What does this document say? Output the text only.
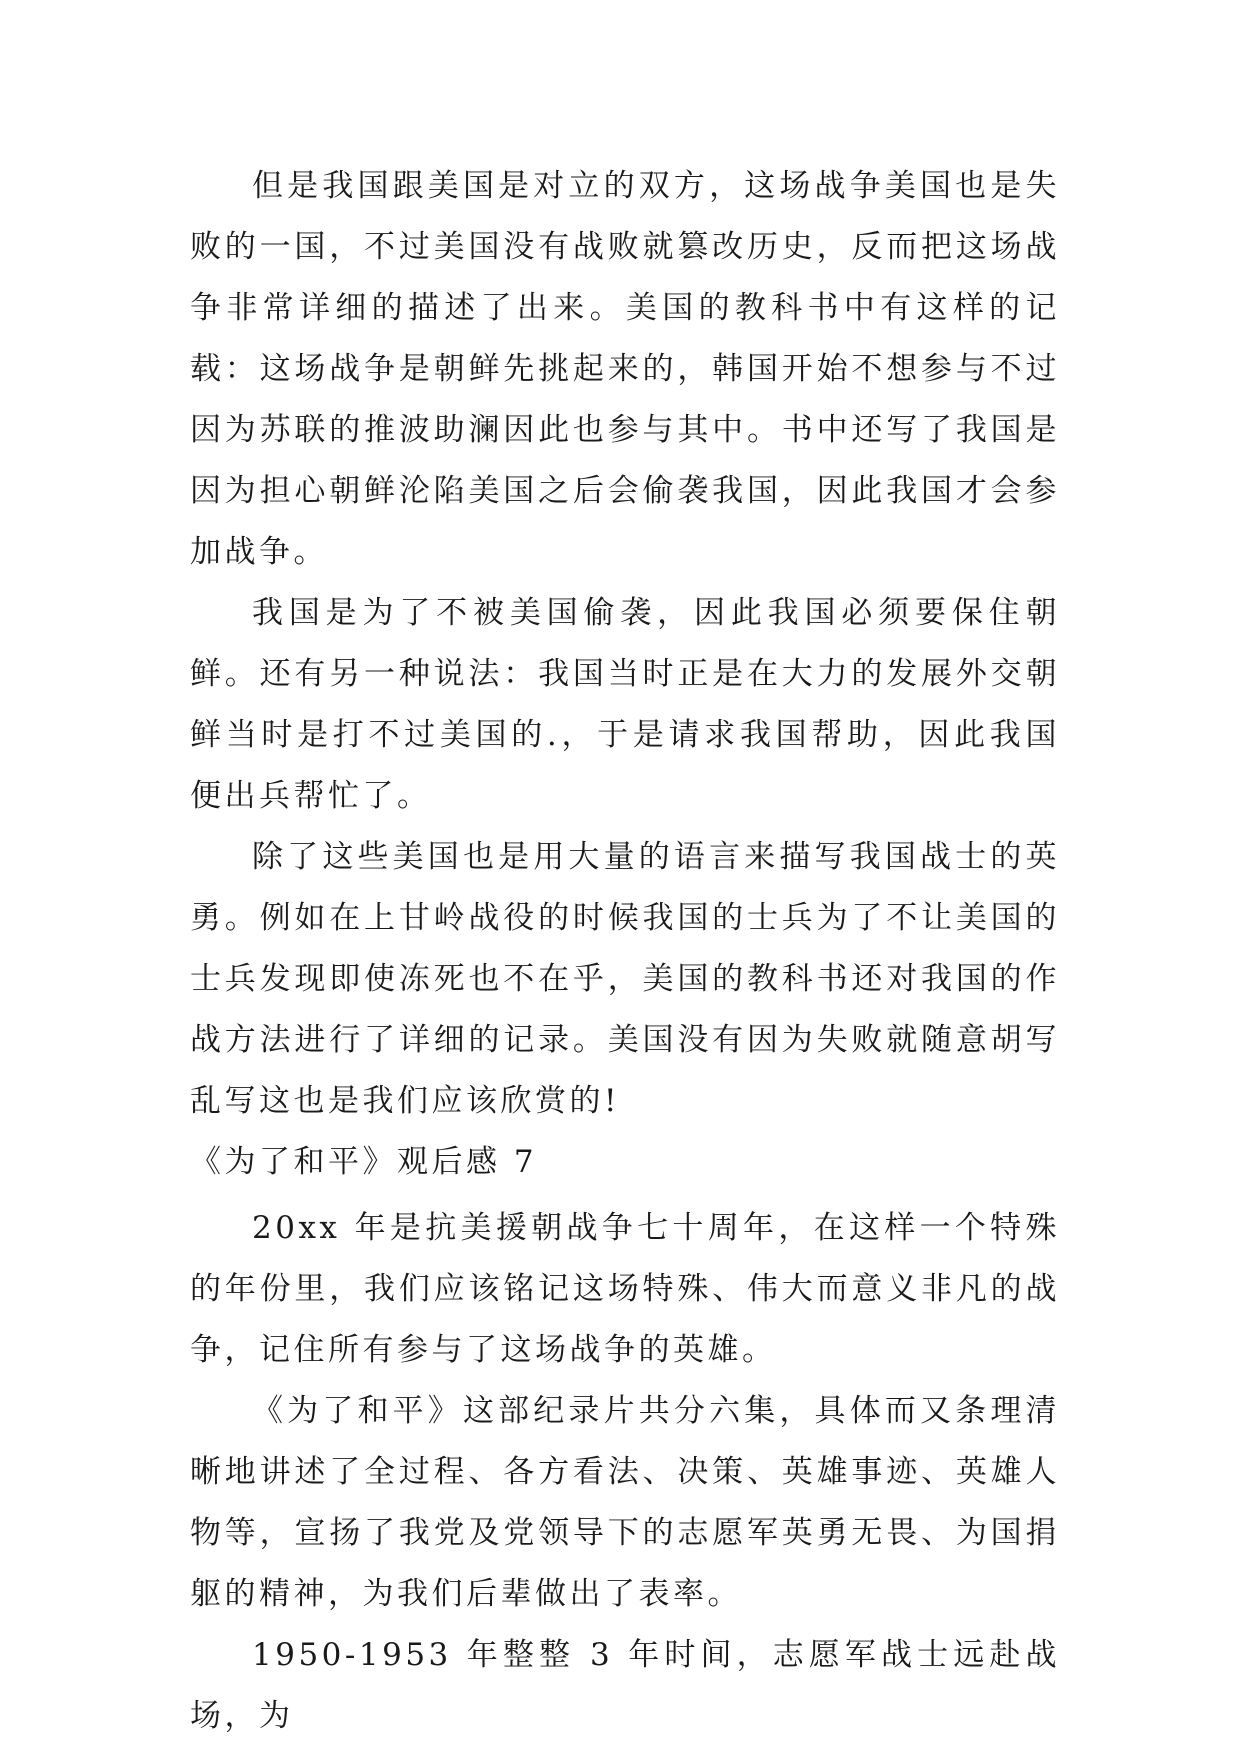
但是我国跟美国是对立的双方，这场战争美国也是失败的一国，不过美国没有战败就篡改历史，反而把这场战争非常详细的描述了出来。美国的教科书中有这样的记载：这场战争是朝鲜先挑起来的，韩国开始不想参与不过因为苏联的推波助澜因此也参与其中。书中还写了我国是因为担心朝鲜沦陷美国之后会偷袭我国，因此我国才会参加战争。

我国是为了不被美国偷袭，因此我国必须要保住朝鲜。还有另一种说法：我国当时正是在大力的发展外交朝鲜当时是打不过美国的.，于是请求我国帮助，因此我国便出兵帮忙了。

除了这些美国也是用大量的语言来描写我国战士的英勇。例如在上甘岭战役的时候我国的士兵为了不让美国的士兵发现即使冻死也不在乎，美国的教科书还对我国的作战方法进行了详细的记录。美国没有因为失败就随意胡写乱写这也是我们应该欣赏的!

《为了和平》观后感 7

20xx 年是抗美援朝战争七十周年，在这样一个特殊的年份里，我们应该铭记这场特殊、伟大而意义非凡的战争，记住所有参与了这场战争的英雄。

《为了和平》这部纪录片共分六集，具体而又条理清晰地讲述了全过程、各方看法、决策、英雄事迹、英雄人物等，宣扬了我党及党领导下的志愿军英勇无畏、为国捐躯的精神，为我们后辈做出了表率。

1950-1953 年整整 3 年时间，志愿军战士远赴战场，为
